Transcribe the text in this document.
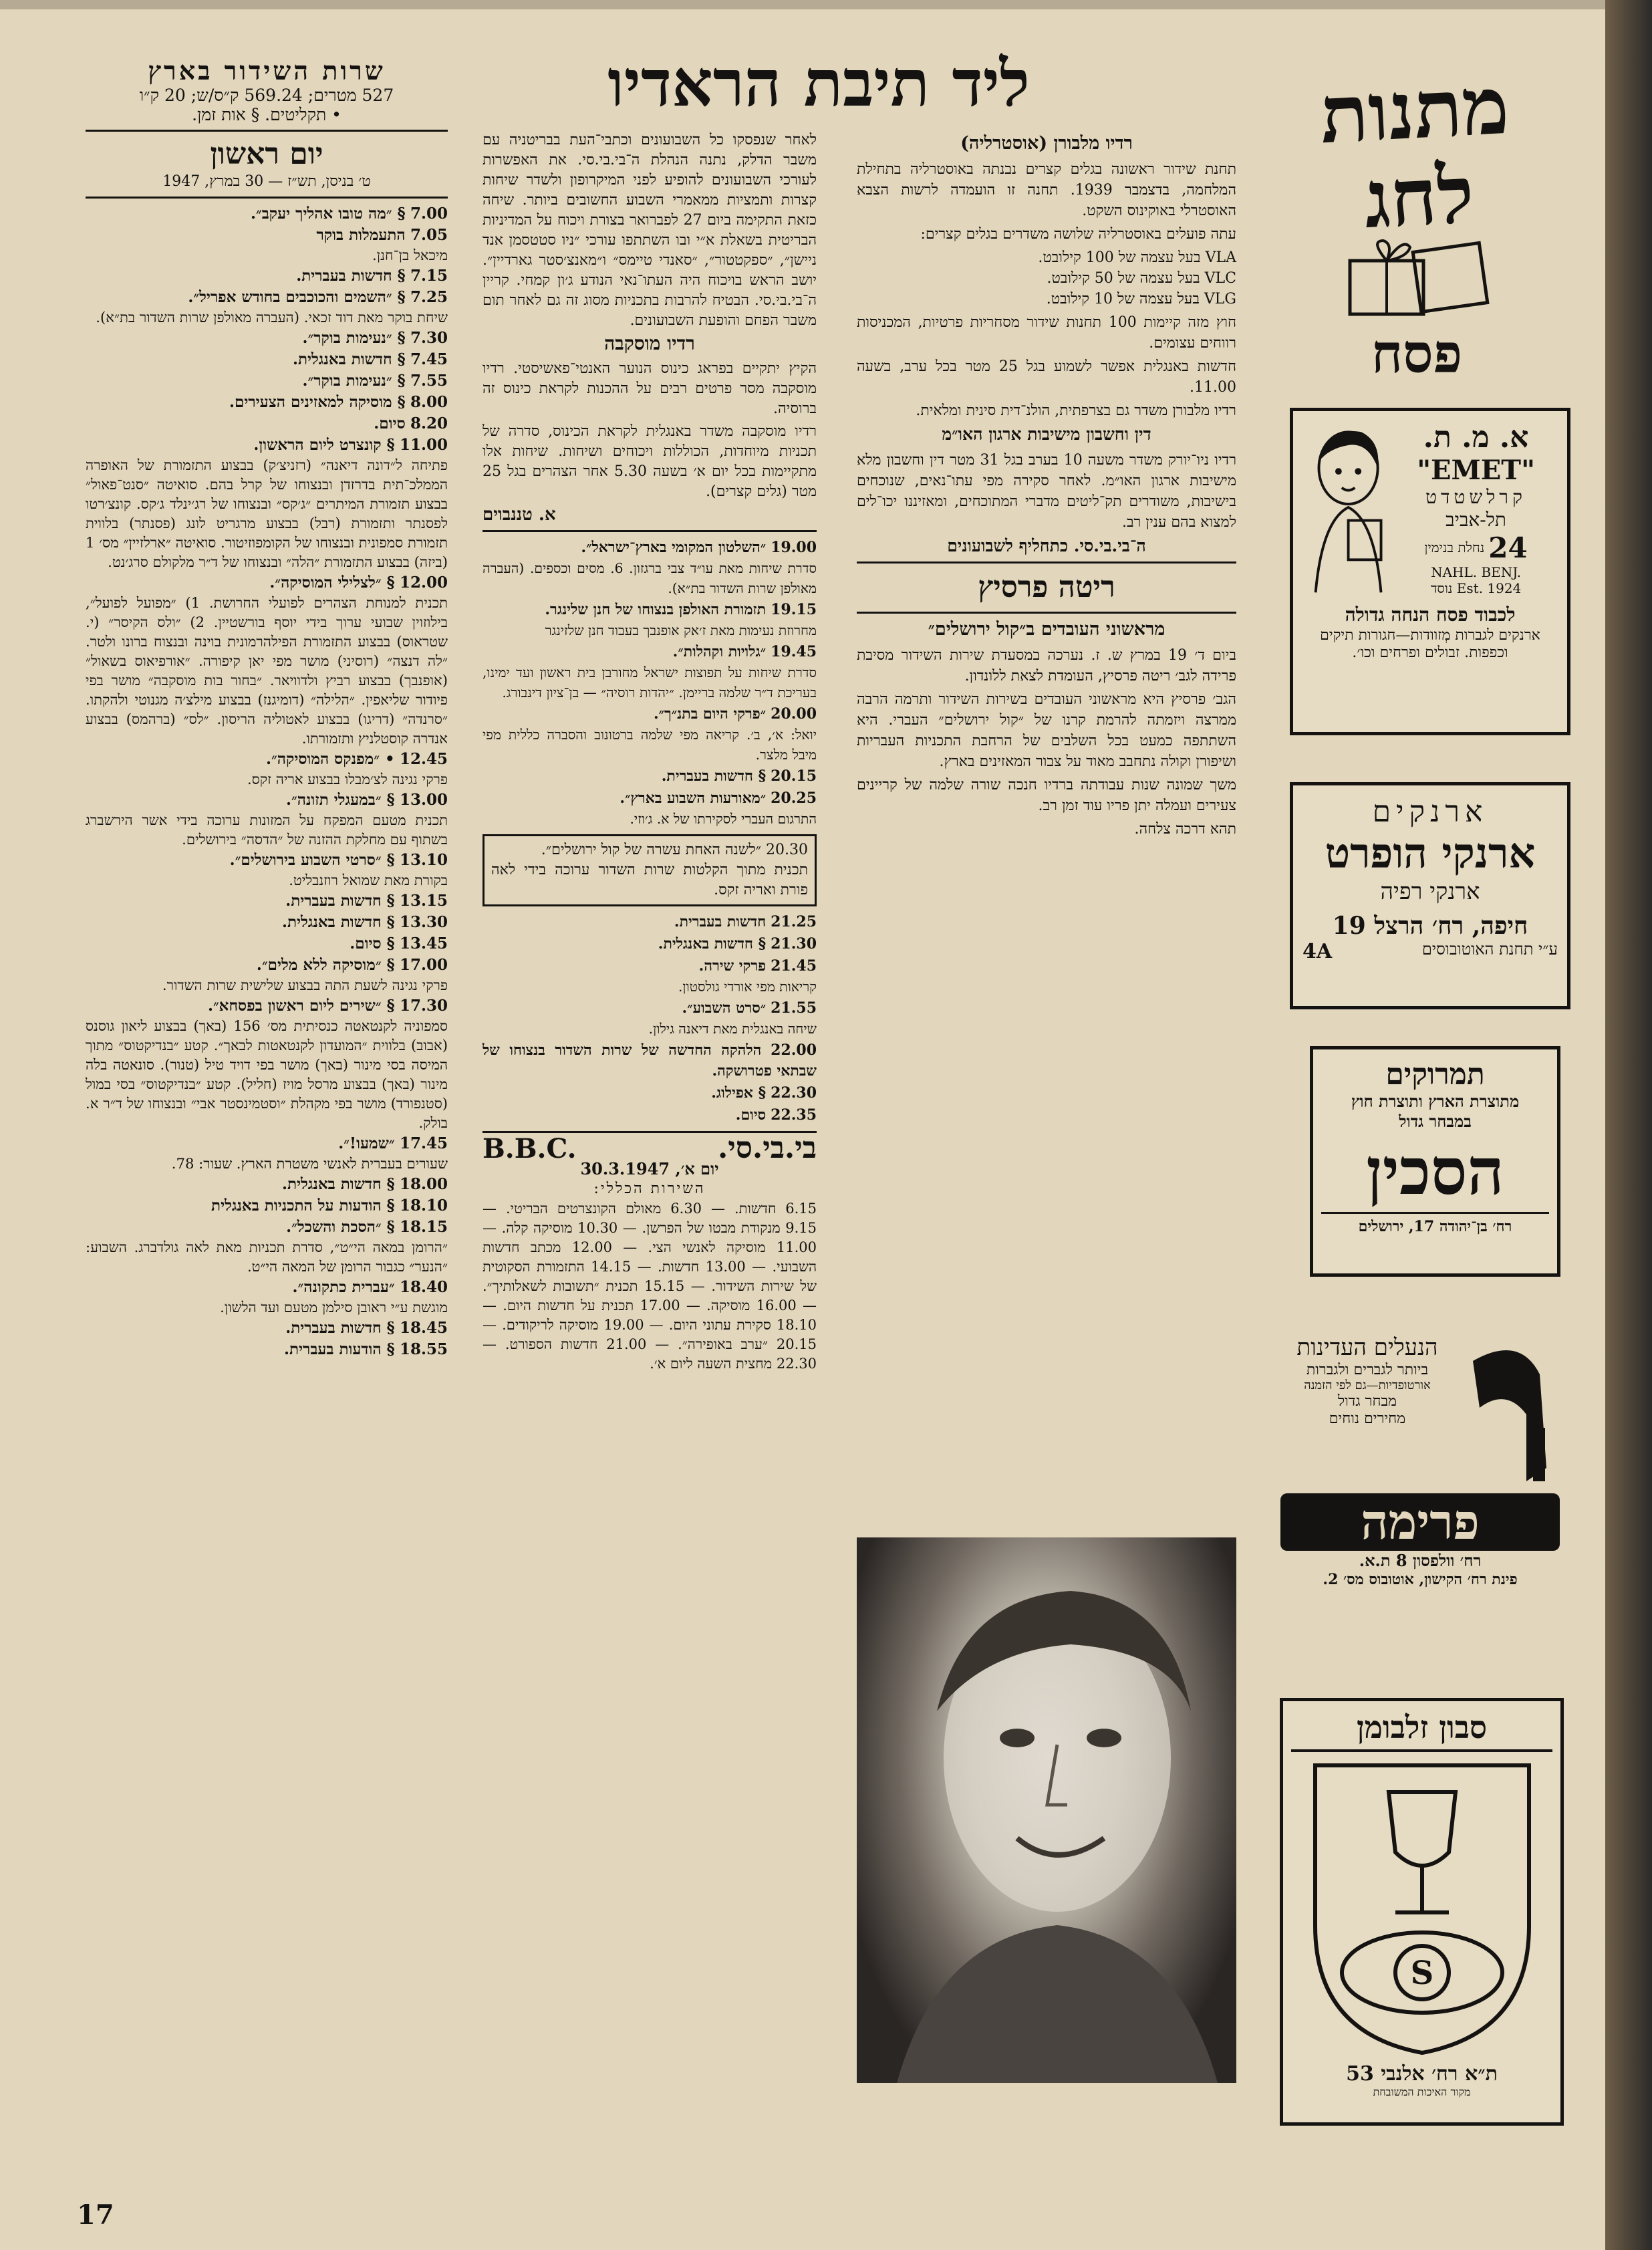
שרות השידור בארץ
527 מטרים; 569.24 ק״ס/ש; 20 ק״ו
• תקליטים. § אות זמן.
יום ראשון
ט׳ בניסן, תש״ז — 30 במרץ, 1947
7.00 § ״מה טובו אהליך יעקב״.
7.05 התעמלות בוקר
מיכאל בן־חנן.
7.15 § חדשות בעברית.
7.25 § ״השמים והכוכבים בחודש אפריל״.
שיחת בוקר מאת דוד זכאי. (העברה מאולפן שרות השדור בת״א).
7.30 § ״נעימות בוקר״.
7.45 § חדשות באנגלית.
7.55 § ״נעימות בוקר״.
8.00 § מוסיקה למאזינים הצעירים.
8.20 סיום.
11.00 § קונצרט ליום הראשון.
פתיחה ל״דונה דיאנה״ (רזניצ׳ק) בבצוע התזמורת של האופרה הממלכ־תית בדרזדן ובנצוחו של קרל בהם. סואיטה ״סנט־פאול״ בבצוע תזמורת המיתרים ״ג׳קס״ ובנצוחו של רג׳ינלד ג׳קס. קונצ׳רטו לפסנתר ותזמורת (רבל) בבצוע מרגריט לונג (פסנתר) בלווית תזמורת סמפונית ובנצוחו של הקומפוזיטור. סואיטה ״ארלזיין״ מס׳ 1 (ביזה) בבצוע התזמורת ״הלה״ ובנצוחו של ד״ר מלקולם סרג׳נט.
12.00 § ״לצלילי המוסיקה״.
תכנית למנוחת הצהרים לפועלי החרושת. 1) ״מפועל לפועל״, בילוזוין שבועי ערוך בידי יוסף בורשטיין. 2) ״ולס הקיסר״ (י. שטראוס) בבצוע התזמורת הפילהרמונית בוינה ובנצוח ברונו ולטר. ״לה דנצה״ (רוסיני) מושר מפי יאן קיפורה. ״אורפיאוס בשאול״ (אופנבך) בבצוע רביץ ולדוויאר. ״בחור בות מוסקבה״ מושר בפי פיודור שליאפין. ״הלילה״ (דומיגנז) בבצוע מילצ׳ה מגנוטי ולהקתו. ״סרנדה״ (דריגו) בבצוע לאטוליה הריסון. ״לס״ (ברהמס) בבצוע אנדרה קוסטלניץ ותזמורתו.
12.45 • ״מפנקס המוסיקה״.
פרקי נגינה לצ׳מבלו בבצוע אריה זקס.
13.00 § ״במעגלי תזונה״.
תכנית מטעם המפקח על המזונות ערוכה בידי אשר הירשברג בשתוף עם מחלקת ההזנה של ״הדסה״ בירושלים.
13.10 § ״סרטי השבוע בירושלים״.
בקורת מאת שמואל רוזנבליט.
13.15 § חדשות בעברית.
13.30 § חדשות באנגלית.
13.45 § סיום.
17.00 § ״מוסיקה ללא מלים״.
פרקי נגינה לשעת התה בבצוע שלישית שרות השדור.
17.30 § ״שירים ליום ראשון בפסחא״.
סמפוניה לקנטאטה כנסיתית מס׳ 156 (באך) בבצוע ליאון גוסנס (אבוב) בלווית ״המועדון לקנטאטות לבאך״. קטע ״בנדיקטוס״ מתוך המיסה בסי מינור (באך) מושר בפי דויד טיל (טנור). סונאטה בלה מינור (באך) בבצוע מרסל מויז (חליל). קטע ״בנדיקטוס״ בסי במול (סטנפורד) מושר בפי מקהלת ״וסטמינסטר אבי״ ובנצוחו של ד״ר א. בולק.
17.45 ״שמעו!״.
שעורים בעברית לאנשי משטרת הארץ. שעור: 78.
18.00 § חדשות באנגלית.
18.10 § הודעות על התכניות באנגלית
18.15 § ״הסכת והשכל״.
״הרומן במאה הי״ט״, סדרת תכניות מאת לאה גולדברג. השבוע: ״הנער״ כגבור הרומן של המאה הי״ט.
18.40 ״עברית כתקונה״.
מוגשת ע״י ראובן סילמן מטעם ועד הלשון.
18.45 § חדשות בעברית.
18.55 § הודעות בעברית.
ליד תיבת הראדיו

לאחר שנפסקו כל השבועונים וכתבי־העת בבריטניה עם משבר הדלק, נתנה הנהלת ה־בי.בי.סי. את האפשרות לעורכי השבועונים להופיע לפני המיקרופון ולשדר שיחות קצרות ותמציות ממאמרי השבוע החשובים ביותר. שיחה כזאת התקימה ביום 27 לפברואר בצורת ויכוח על המדיניות הבריטית בשאלת א״י ובו השתתפו עורכי ״ניו סטטסמן אנד ניישן״, ״ספקטטור״, ״סאנדי טיימס״ ו״מאנצ׳סטר גארדיין״. יושב הראש בויכוח היה העתו־נאי הנודע ג׳ון קמחי. קריין ה־בי.בי.סי. הבטיח להרבות בתכניות מסוג זה גם לאחר תום משבר הפחם והופעת השבועונים.

רדיו מוסקבה

הקיץ יתקיים בפראג כינוס הנוער האנטי־פאשיסטי. רדיו מוסקבה מסר פרטים רבים על ההכנות לקראת כינוס זה ברוסיה.

רדיו מוסקבה משדר באנגלית לקראת הכינוס, סדרה של תכניות מיוחדות, הכוללות ויכוחים ושיחות. שיחות אלו מתקיימות בכל יום א׳ בשעה 5.30 אחר הצהרים בגל 25 מטר (גלים קצרים).

א. טננבוים
19.00 ״השלטון המקומי בארץ־ישראל״.
סדרת שיחות מאת עו״ד צבי ברגזון. 6. מסים וכספים. (העברה מאולפן שרות השדור בת״א).
19.15 תזמורת האולפן בנצוחו של חנן שלינגר.
מחרוזת נעימות מאת ז׳אק אופנבך בעבוד חנן שלזינגר
19.45 ״גלויות וקהלות״.
סדרת שיחות על תפוצות ישראל מחורבן בית ראשון ועד ימינו, בעריכת ד״ר שלמה בריימן. ״יהדות רוסיה״ — בן־ציון דינבורג.
20.00 ״פרקי היום בתנ״ך״.
יואל: א׳, ב׳. קריאה מפי שלמה ברטונוב והסברה כללית מפי מיבל מלצר.
20.15 § חדשות בעברית.
20.25 ״מאורעות השבוע בארץ״.
התרגום העברי לסקירתו של א. ג׳וזי.
20.30 ״לשנה האחת עשרה של קול ירושלים״.
תכנית מתוך הקלטות שרות השדור ערוכה בידי לאה פורת ואריה זקס.
21.25 חדשות בעברית.
21.30 § חדשות באנגלית.
21.45 פרקי שירה.
קריאות מפי אורדי גולסטון.
21.55 ״סרט השבוע״.
שיחה באנגלית מאת דיאנה גילון.
22.00 הלהקה החדשה של שרות השדור בנצוחו של שבתאי פטרושקה.
22.30 § אפילוג.
22.35 סיום.
בי.בי.סי.
B.B.C.
יום א׳, 30.3.1947
השירות הכללי:

6.15 חדשות. — 6.30 מאולם הקונצרטים הבריטי. — 9.15 מנקודת מבטו של הפרשן. — 10.30 מוסיקה קלה. — 11.00 מוסיקה לאנשי הצי. — 12.00 מכתב חדשות השבועי. — 13.00 חדשות. — 14.15 התזמורת הסקוטית של שירות השידור. — 15.15 תכנית ״תשובות לשאלותיך״. — 16.00 מוסיקה. — 17.00 תכנית על חדשות היום. — 18.10 סקירת עתוני היום. — 19.00 מוסיקה לריקודים. — 20.15 ״ערב באופירה״. — 21.00 חדשות הספורט. — 22.30 מחצית השעה ליום א׳.

רדיו מלבורן (אוסטרליה)

תחנת שידור ראשונה בגלים קצרים נבנתה באוסטרליה בתחילת המלחמה, בדצמבר 1939. תחנה זו הועמדה לרשות הצבא האוסטרלי באוקינוס השקט.

עתה פועלים באוסטרליה שלושה משדרים בגלים קצרים:

VLA בעל עצמה של 100 קילובט.

VLC בעל עצמה של 50 קילובט.

VLG בעל עצמה של 10 קילובט.

חוץ מזה קיימות 100 תחנות שידור מסחריות פרטיות, המכניסות רווחים עצומים.

חדשות באנגלית אפשר לשמוע בגל 25 מטר בכל ערב, בשעה 11.00.

רדיו מלבורן משדר גם בצרפתית, הולנ־דית סינית ומלאית.

דין וחשבון מישיבות ארגון האו״מ

רדיו ניו־יורק משדר משעה 10 בערב בגל 31 מטר דין וחשבון מלא מישיבות ארגון האו״מ. לאחר סקירה מפי עתו־נאים, שנוכחים בישיבות, משודרים תק־ליטים מדברי המתוכחים, ומאזיננו יכו־לים למצוא בהם ענין רב.

ה־בי.בי.סי. כתחליף לשבועונים
ריטה פרסיץ
מראשוני העובדים ב״קול ירושלים״

ביום ד׳ 19 במרץ ש. ז. נערכה במסעדת שירות השידור מסיבת פרידה לגב׳ ריטה פרסיץ, העומדת לצאת ללונדון.

הגב׳ פרסיץ היא מראשוני העובדים בשירות השידור ותרמה הרבה ממרצה ויזמתה להרמת קרנו של ״קול ירושלים״ העברי. היא השתתפה כמעט בכל השלבים של הרחבת התכניות העבריות ושיפורן וקולה נתחבב מאוד על צבור המאזינים בארץ.

משך שמונה שנות עבודתה ברדיו חנכה שורה שלמה של קריינים צעירים ועמלה יתן פריו עוד זמן רב.

תהא דרכה צלחה.

מתנות לחג
פסח
א. מ. ת.
"EMET"
קרלשטדט
תל-אביב
24
נחלת בנימין
NAHL. BENJ.
Est. 1924 נוסד
לכבוד פסח הנחה גדולה
ארנקים לגברות מְזוודות—חגורות תיקים וכפפות. זבולים ופרחים וכו׳.
ארנקים
ארנקי הופרט
ארנקי רפיה
חיפה, רח׳ הרצל 19
ע״י תחנת האוטובוסים
4A
תמרוקים
מתוצרת הארץ ותוצרת חוץ
במבחר גדול
הסכין
רח׳ בן־יהודה 17, ירושלים
הנעלים העדינות
ביותר לגברים ולגברות
אורטופדיות—גם לפי הזמנה
מבחר גדול
מחירים נוחים
פרימה
רח׳ וולפסון 8 ת.א.
פינת רח׳ הקישון, אוטובוס מס׳ 2.
סבון זלבומן
S
ת״א רח׳ אלנבי 53
מקור האיכות המשובחת
17
